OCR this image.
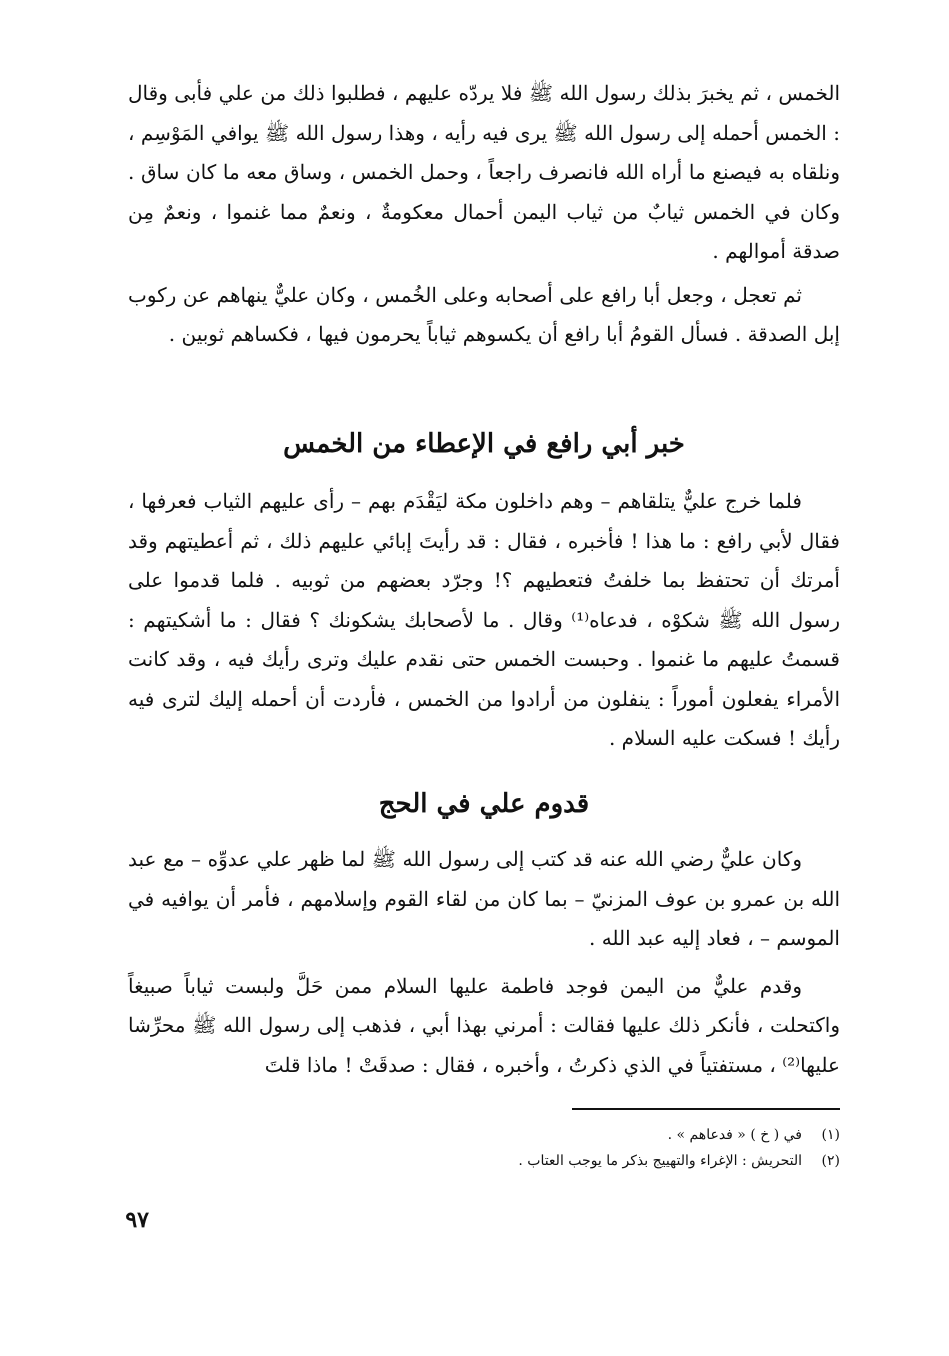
الخمس ، ثم يخبرَ بذلك رسول الله ﷺ فلا يردّه عليهم ، فطلبوا ذلك من علي فأبى وقال : الخمس أحمله إلى رسول الله ﷺ يرى فيه رأيه ، وهذا رسول الله ﷺ يوافي المَوْسِم ، ونلقاه به فيصنع ما أراه الله فانصرف راجعاً ، وحمل الخمس ، وساق معه ما كان ساق . وكان في الخمس ثيابٌ من ثياب اليمن أحمال معكومةٌ ، ونعمٌ مما غنموا ، ونعمٌ مِن صدقة أموالهم .

ثم تعجل ، وجعل أبا رافع على أصحابه وعلى الخُمس ، وكان عليٌّ ينهاهم عن ركوب إبل الصدقة . فسأل القومُ أبا رافع أن يكسوهم ثياباً يحرمون فيها ، فكساهم ثوبين .

خبر أبي رافع في الإعطاء من الخمس

فلما خرج عليٌّ يتلقاهم – وهم داخلون مكة ليَقْدَم بهم – رأى عليهم الثياب فعرفها ، فقال لأبي رافع : ما هذا ! فأخبره ، فقال : قد رأيتَ إبائي عليهم ذلك ، ثم أعطيتهم وقد أمرتك أن تحتفظ بما خلفتُ فتعطيهم ؟! وجرّد بعضهم من ثوبيه . فلما قدموا على رسول الله ﷺ شكوْه ، فدعاه⁽¹⁾ وقال . ما لأصحابك يشكونك ؟ فقال : ما أشكيتهم : قسمتُ عليهم ما غنموا . وحبست الخمس حتى نقدم عليك وترى رأيك فيه ، وقد كانت الأمراء يفعلون أموراً : ينفلون من أرادوا من الخمس ، فأردت أن أحمله إليك لترى فيه رأيك ! فسكت عليه السلام .

قدوم علي في الحج

وكان عليٌّ رضي الله عنه قد كتب إلى رسول الله ﷺ لما ظهر علي عدوِّه – مع عبد الله بن عمرو بن عوف المزنيّ – بما كان من لقاء القوم وإسلامهم ، فأمر أن يوافيه في الموسم – ، فعاد إليه عبد الله .

وقدم عليٌّ من اليمن فوجد فاطمة عليها السلام ممن حَلَّ ولبست ثياباً صبيغاً واكتحلت ، فأنكر ذلك عليها فقالت : أمرني بهذا أبي ، فذهب إلى رسول الله ﷺ محرِّشا عليها⁽²⁾ ، مستفتياً في الذي ذكرتُ ، وأخبره ، فقال : صدقَتْ ! ماذا قلتَ

(١)
في ( خ ) « فدعاهم » .

(٢)
التحريش : الإغراء والتهييج بذكر ما يوجب العتاب .

٩٧
